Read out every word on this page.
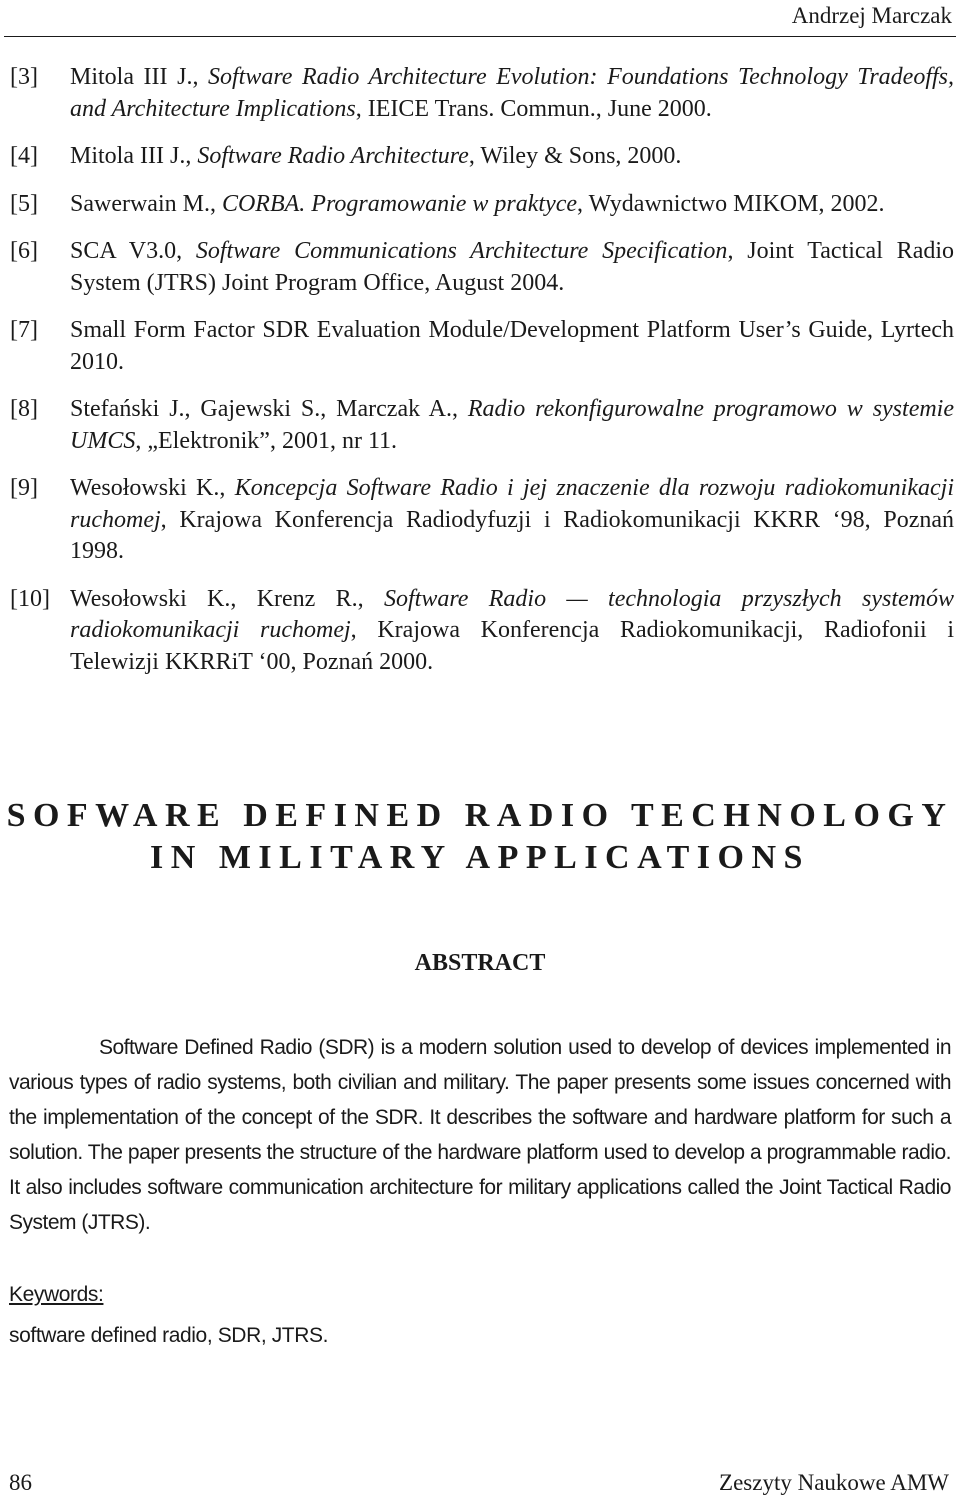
Andrzej Marczak
[3]	Mitola III J., Software Radio Architecture Evolution: Foundations Technology Tradeoffs, and Architecture Implications, IEICE Trans. Commun., June 2000.
[4]	Mitola III J., Software Radio Architecture, Wiley & Sons, 2000.
[5]	Sawerwain M., CORBA. Programowanie w praktyce, Wydawnictwo MIKOM, 2002.
[6]	SCA V3.0, Software Communications Architecture Specification, Joint Tactical Radio System (JTRS) Joint Program Office, August 2004.
[7]	Small Form Factor SDR Evaluation Module/Development Platform User’s Guide, Lyrtech 2010.
[8]	Stefański J., Gajewski S., Marczak A., Radio rekonfigurowalne programowo w systemie UMCS, „Elektronik”, 2001, nr 11.
[9]	Wesołowski K., Koncepcja Software Radio i jej znaczenie dla rozwoju radiokomunikacji ruchomej, Krajowa Konferencja Radiodyfuzji i Radiokomunikacji KKRR ‘98, Poznań 1998.
[10] Wesołowski K., Krenz R., Software Radio — technologia przyszłych systemów radiokomunikacji ruchomej, Krajowa Konferencja Radiokomunikacji, Radiofonii i Telewizji KKRRiT ‘00, Poznań 2000.
SOFWARE DEFINED RADIO TECHNOLOGY
IN MILITARY APPLICATIONS
ABSTRACT

Software Defined Radio (SDR) is a modern solution used to develop of devices implemented in various types of radio systems, both civilian and military. The paper presents some issues concerned with the implementation of the concept of the SDR. It describes the software and hardware platform for such a solution. The paper presents the structure of the hardware platform used to develop a programmable radio. It also includes software communication architecture for military applications called the Joint Tactical Radio System (JTRS).

Keywords:
software defined radio, SDR, JTRS.
86	Zeszyty Naukowe AMW
